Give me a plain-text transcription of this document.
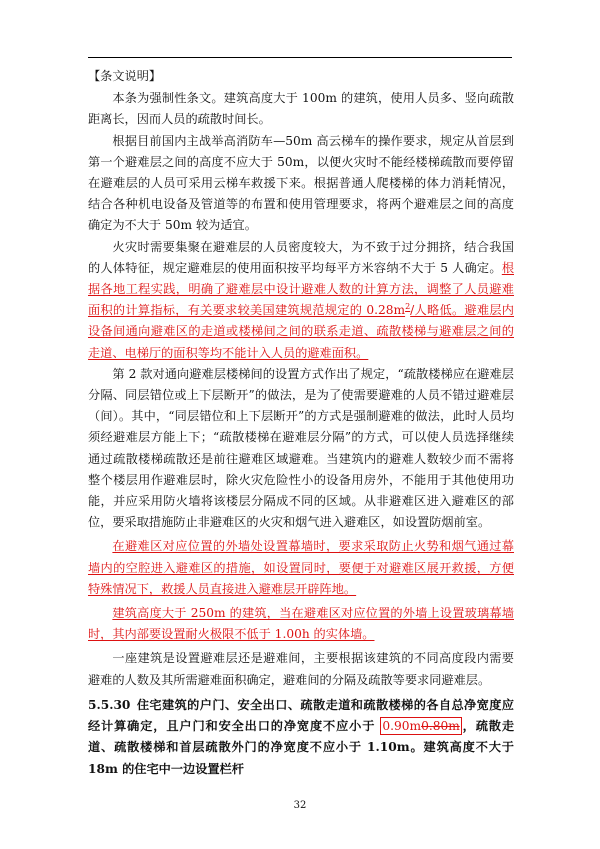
【条文说明】

本条为强制性条文。建筑高度大于 100m 的建筑，使用人员多、竖向疏散距离长，因而人员的疏散时间长。

根据目前国内主战举高消防车—50m 高云梯车的操作要求，规定从首层到第一个避难层之间的高度不应大于 50m，以便火灾时不能经楼梯疏散而要停留在避难层的人员可采用云梯车救援下来。根据普通人爬楼梯的体力消耗情况，结合各种机电设备及管道等的布置和使用管理要求，将两个避难层之间的高度确定为不大于 50m 较为适宜。

火灾时需要集聚在避难层的人员密度较大，为不致于过分拥挤，结合我国的人体特征，规定避难层的使用面积按平均每平方米容纳不大于 5 人确定。根据各地工程实践，明确了避难层中设计避难人数的计算方法，调整了人员避难面积的计算指标，有关要求较美国建筑规范规定的 $0.28m^2/$人略低。避难层内设备间通向避难区的走道或楼梯间之间的联系走道、疏散楼梯与避难层之间的走道、电梯厅的面积等均不能计入人员的避难面积。

第 2 款对通向避难层楼梯间的设置方式作出了规定，“疏散楼梯应在避难层分隔、同层错位或上下层断开”的做法，是为了使需要避难的人员不错过避难层（间）。其中，“同层错位和上下层断开”的方式是强制避难的做法，此时人员均须经避难层方能上下；“疏散楼梯在避难层分隔”的方式，可以使人员选择继续通过疏散楼梯疏散还是前往避难区域避难。当建筑内的避难人数较少而不需将整个楼层用作避难层时，除火灾危险性小的设备用房外，不能用于其他使用功能，并应采用防火墙将该楼层分隔成不同的区域。从非避难区进入避难区的部位，要采取措施防止非避难区的火灾和烟气进入避难区，如设置防烟前室。

在避难区对应位置的外墙处设置幕墙时，要求采取防止火势和烟气通过幕墙内的空腔进入避难区的措施，如设置同时，要便于对避难区展开救援，方便特殊情况下，救援人员直接进入避难层开辟阵地。

建筑高度大于 250m 的建筑，当在避难区对应位置的外墙上设置玻璃幕墙时，其内部要设置耐火极限不低于 1.00h 的实体墙。

一座建筑是设置避难层还是避难间，主要根据该建筑的不同高度段内需要避难的人数及其所需避难面积确定，避难间的分隔及疏散等要求同避难层。

5.5.30 住宅建筑的户门、安全出口、疏散走道和疏散楼梯的各自总净宽度应经计算确定，且户门和安全出口的净宽度不应小于 0.90m0.80m ，疏散走道、疏散楼梯和首层疏散外门的净宽度不应小于 1.10m。建筑高度不大于 18m 的住宅中一边设置栏杆

32
